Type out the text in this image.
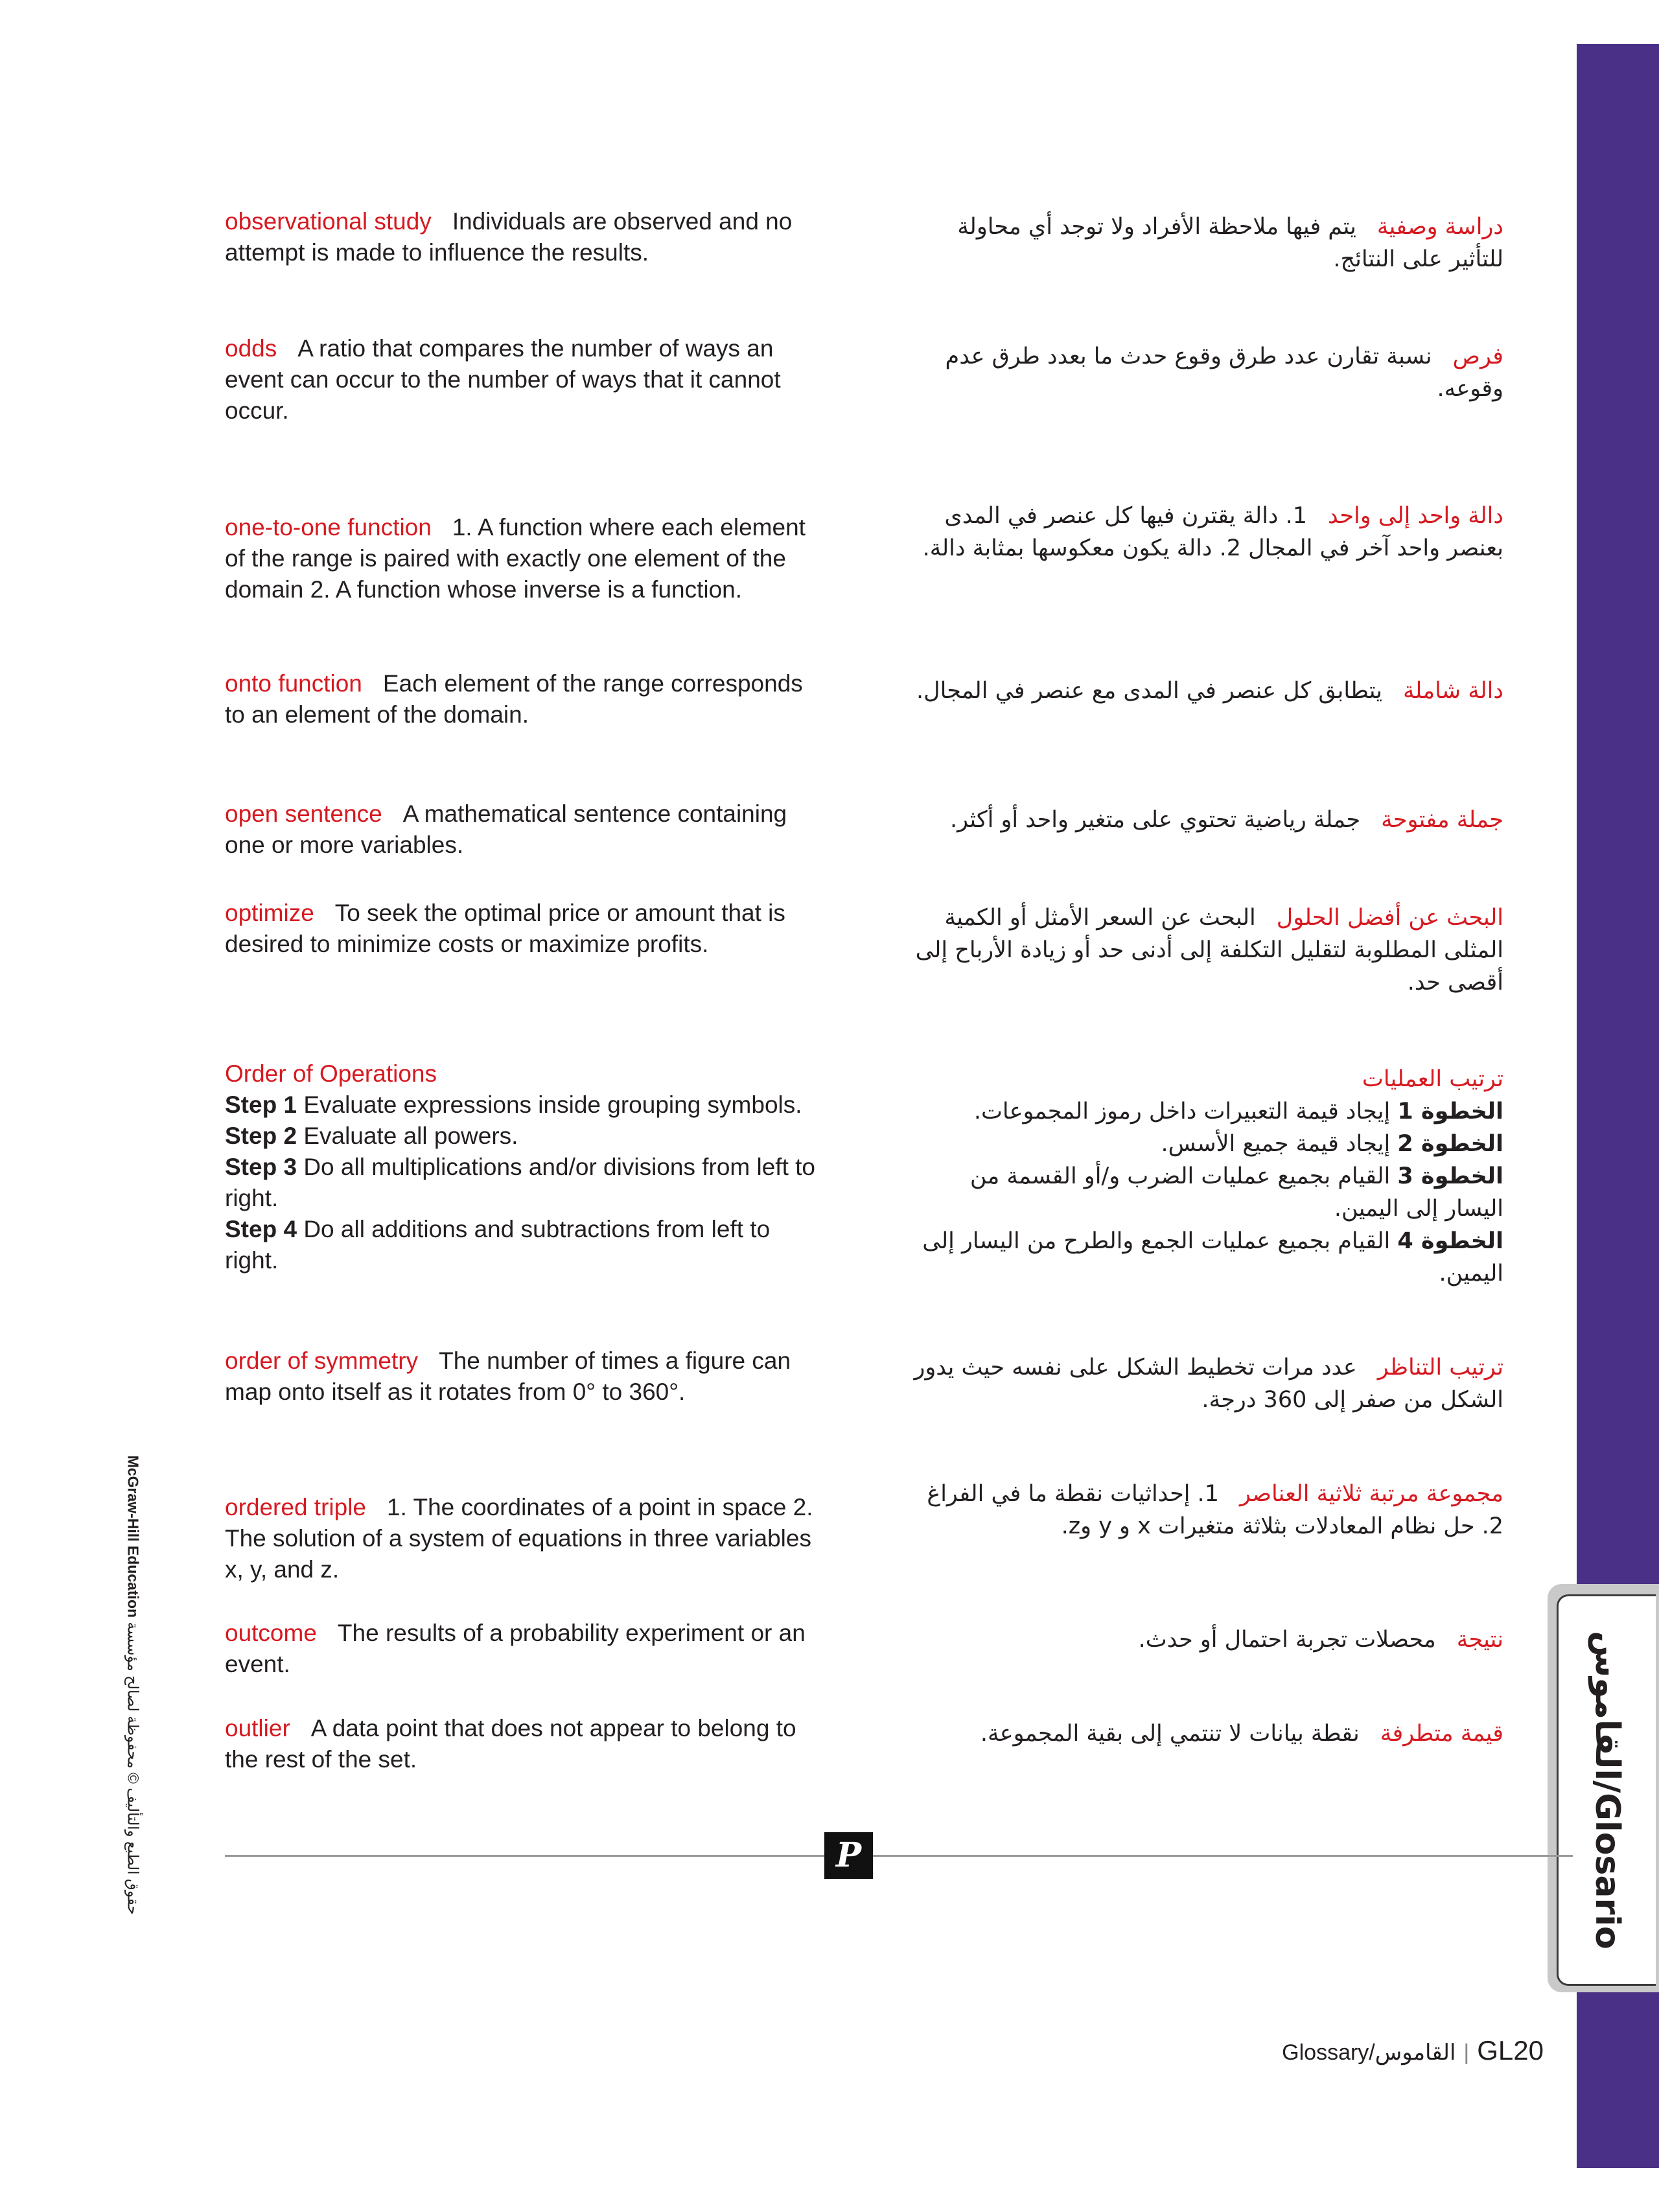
القاموس/Glosario
observational study Individuals are observed and no attempt is made to influence the results.
odds A ratio that compares the number of ways an event can occur to the number of ways that it cannot occur.
one-to-one function 1. A function where each element of the range is paired with exactly one element of the domain 2. A function whose inverse is a function.
onto function Each element of the range corresponds to an element of the domain.
open sentence A mathematical sentence containing one or more variables.
optimize To seek the optimal price or amount that is desired to minimize costs or maximize profits.
Order of Operations
Step 1 Evaluate expressions inside grouping symbols.
Step 2 Evaluate all powers.
Step 3 Do all multiplications and/or divisions from left to right.
Step 4 Do all additions and subtractions from left to right.
order of symmetry The number of times a figure can map onto itself as it rotates from 0° to 360°.
ordered triple 1. The coordinates of a point in space 2. The solution of a system of equations in three variables x, y, and z.
outcome The results of a probability experiment or an event.
outlier A data point that does not appear to belong to the rest of the set.
دراسة وصفيةيتم فيها ملاحظة الأفراد ولا توجد أي محاولة للتأثير على النتائج.
فرصنسبة تقارن عدد طرق وقوع حدث ما بعدد طرق عدم وقوعه.
دالة واحد إلى واحد1. دالة يقترن فيها كل عنصر في المدى بعنصر واحد آخر في المجال 2. دالة يكون معكوسها بمثابة دالة.
دالة شاملةيتطابق كل عنصر في المدى مع عنصر في المجال.
جملة مفتوحةجملة رياضية تحتوي على متغير واحد أو أكثر.
البحث عن أفضل الحلولالبحث عن السعر الأمثل أو الكمية المثلى المطلوبة لتقليل التكلفة إلى أدنى حد أو زيادة الأرباح إلى أقصى حد.
ترتيب العمليات
الخطوة 1 إيجاد قيمة التعبيرات داخل رموز المجموعات.
الخطوة 2 إيجاد قيمة جميع الأسس.
الخطوة 3 القيام بجميع عمليات الضرب و/أو القسمة من اليسار إلى اليمين.
الخطوة 4 القيام بجميع عمليات الجمع والطرح من اليسار إلى اليمين.
ترتيب التناظرعدد مرات تخطيط الشكل على نفسه حيث يدور الشكل من صفر إلى 360 درجة.
مجموعة مرتبة ثلاثية العناصر1. إحداثيات نقطة ما في الفراغ 2. حل نظام المعادلات بثلاثة متغيرات x و y وz.
نتيجةمحصلات تجربة احتمال أو حدث.
قيمة متطرفةنقطة بيانات لا تنتمي إلى بقية المجموعة.
P
McGraw-Hill Education حقوق الطبع والتأليف © محفوظة لصالح مؤسسة
Glossary/القاموس | GL20
